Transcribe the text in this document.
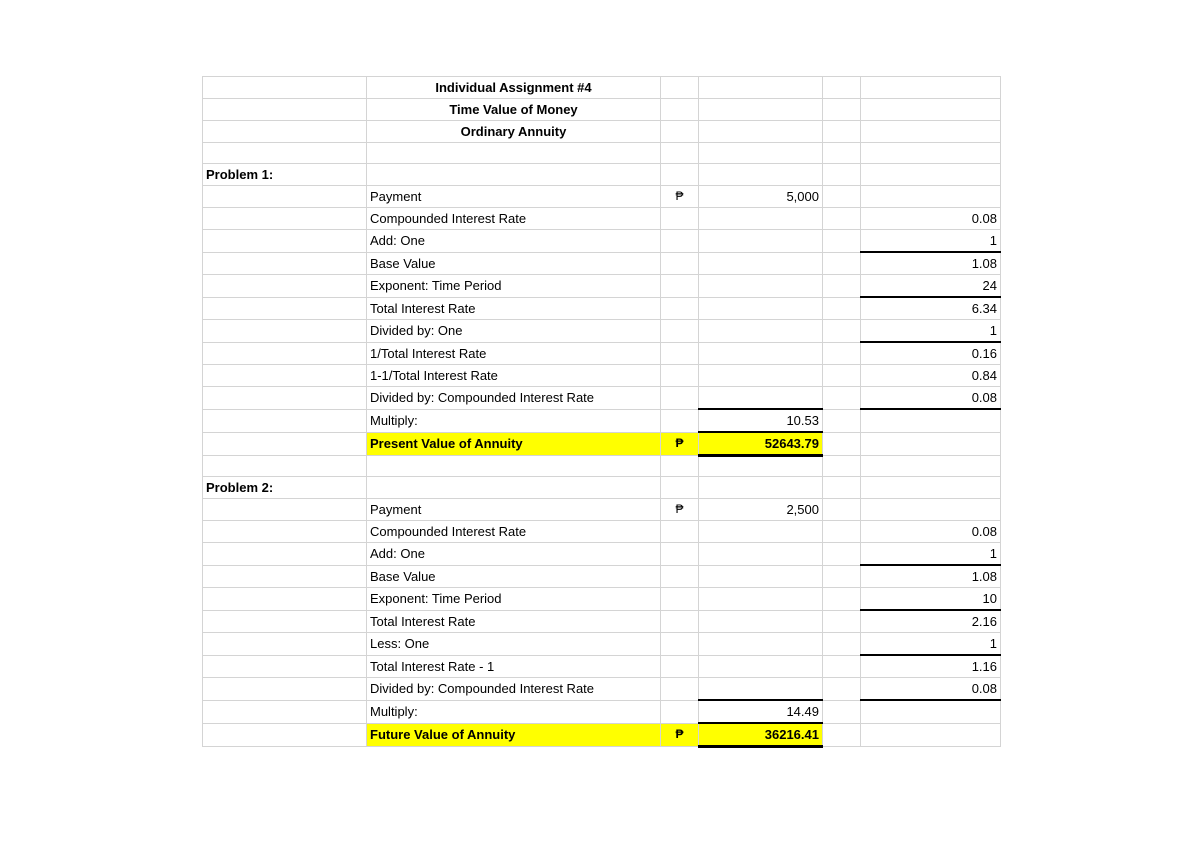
	Individual Assignment #4				
	Time Value of Money				
	Ordinary Annuity				

Problem 1:					
	Payment	₱	5,000		
	Compounded Interest Rate				0.08
	Add: One				1
	Base Value				1.08
	Exponent: Time Period				24
	Total Interest Rate				6.34
	Divided by: One				1
	1/Total Interest Rate				0.16
	1-1/Total Interest Rate				0.84
	Divided by: Compounded Interest Rate				0.08
	Multiply:		10.53		
	Present Value of Annuity	₱	52643.79		

Problem 2:					
	Payment	₱	2,500		
	Compounded Interest Rate				0.08
	Add: One				1
	Base Value				1.08
	Exponent: Time Period				10
	Total Interest Rate				2.16
	Less: One				1
	Total Interest Rate - 1				1.16
	Divided by: Compounded Interest Rate				0.08
	Multiply:		14.49		
	Future Value of Annuity	₱	36216.41		
